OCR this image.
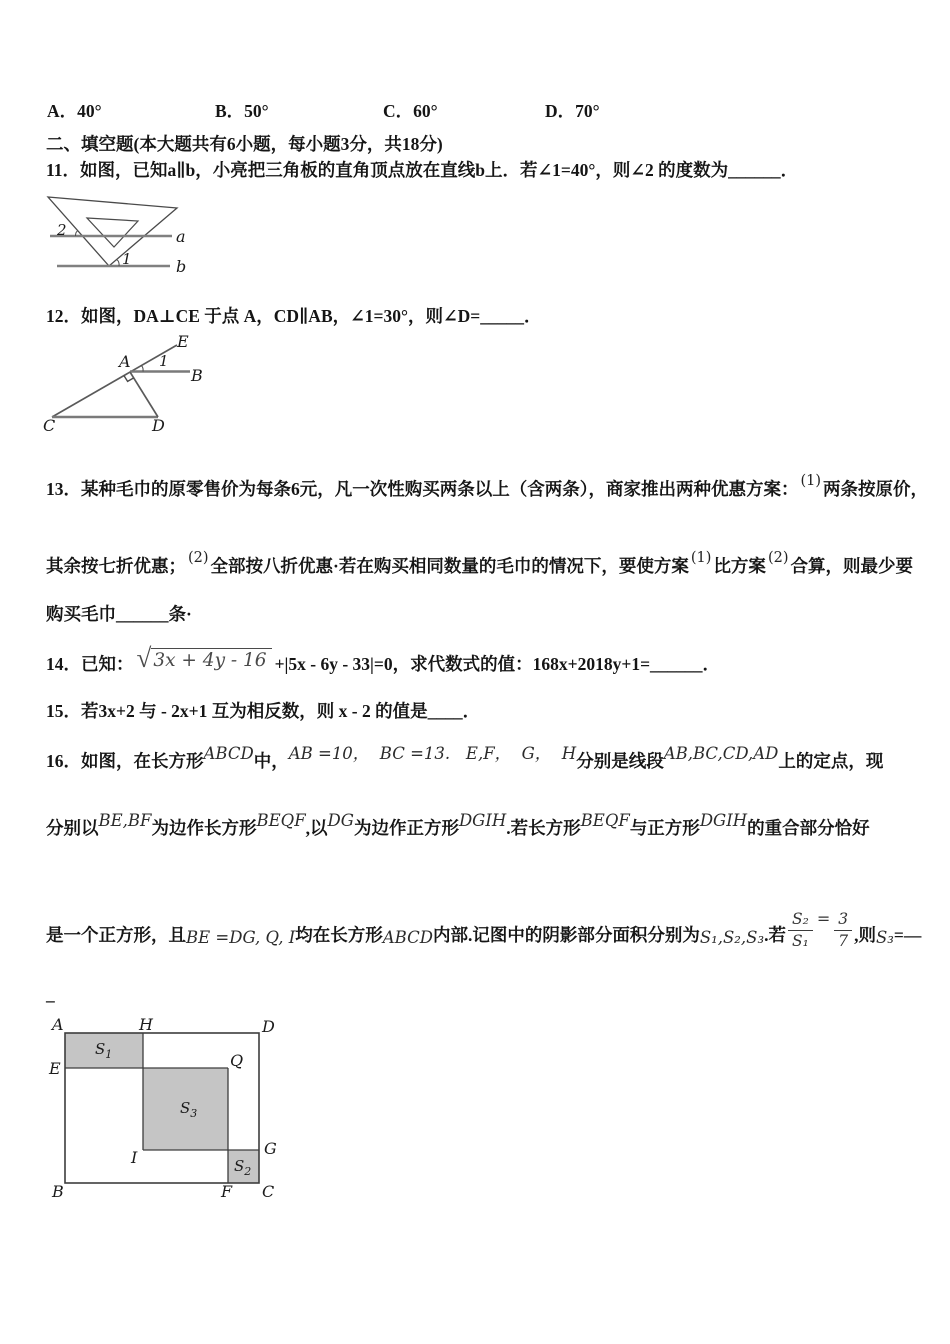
A．40°	B．50°	C．60°	D．70°
二、填空题(本大题共有6小题，每小题3分，共18分)
11．如图，已知a∥b，小亮把三角板的直角顶点放在直线b上．若∠1=40°，则∠2 的度数为______．
2
1
a
b
12．如图，DA⊥CE 于点 A，CD∥AB，∠1=30°，则∠D=_____．
E
A
B
C	D
1
13．某种毛巾的原零售价为每条6元，凡一次性购买两条以上（含两条），商家推出两种优惠方案： (1) 两条按原价，
其余按七折优惠； (2) 全部按八折优惠·若在购买相同数量的毛巾的情况下，要使方案 (1) 比方案 (2) 合算，则最少要
购买毛巾______条·
14．已知： √ 3x + 4y - 16 +|5x - 6y - 33|=0，求代数式的值：168x+2018y+1=______．
15．若3x+2 与 - 2x+1 互为相反数，则 x - 2 的值是____．
16．如图，在长方形 ABCD 中， AB =10，  BC =13.   E,F，  G，  H 分别是线段 AB,BC,CD,AD 上的定点，现
分别以 BE,BF 为边作长方形 BEQF ,以 DG 为边作正方形 DGIH .若长方形 BEQF 与正方形 DGIH 的重合部分恰好
是一个正方形，且 BE =DG, Q, I 均在长方形 ABCD 内部.记图中的阴影部分面积分别为 S₁,S₂,S₃ .若 $\frac{\text{S₂}}{\text{S₁}} = \frac{3}{7}$ ,则 S₃ =—
–
A	H	D
E	Q
I	G
B	F C
$S_1$
$S_3$
$S_2$
